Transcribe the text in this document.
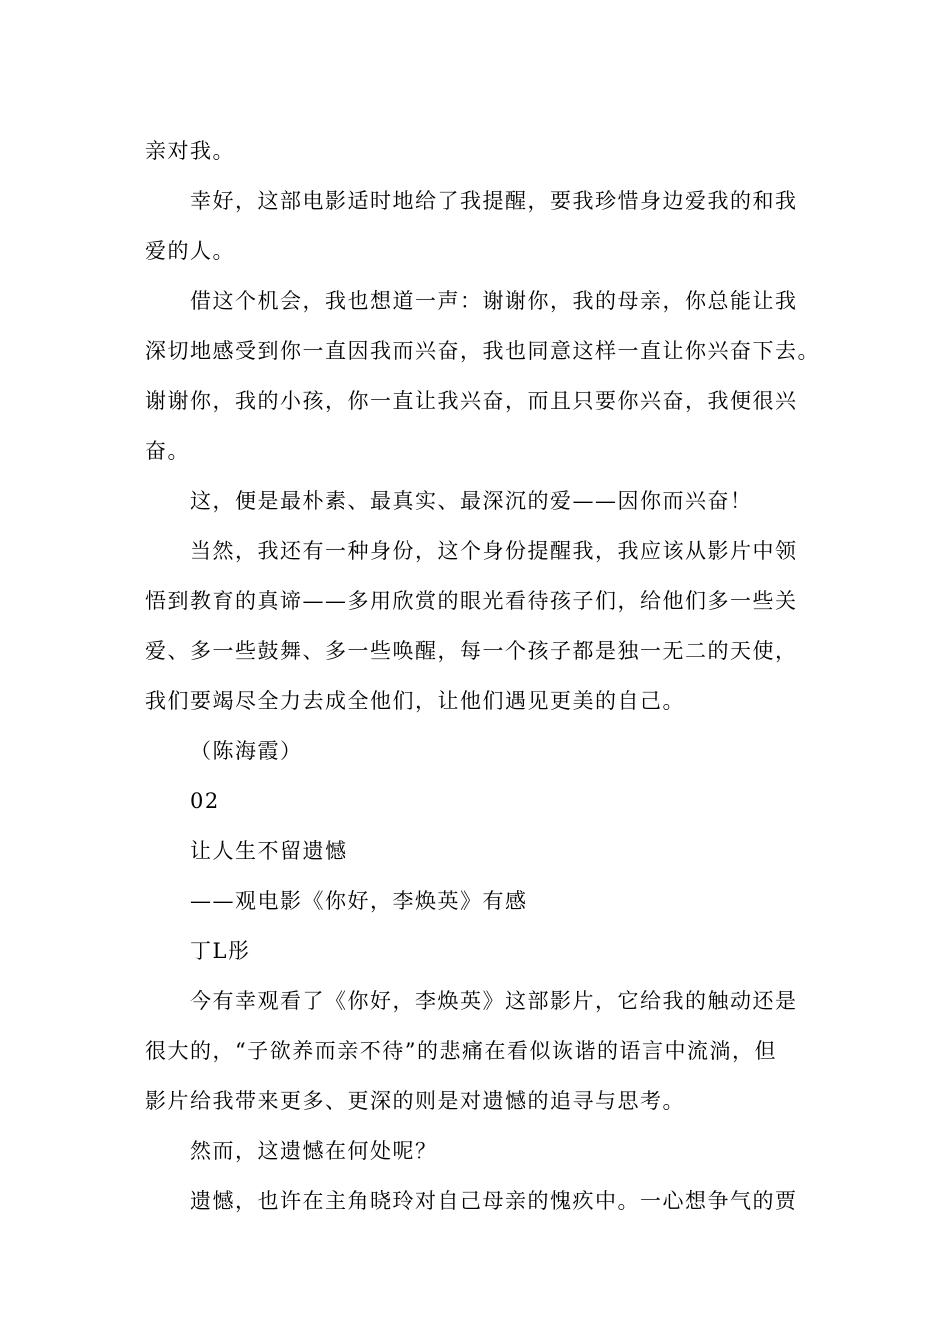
亲对我。
幸好，这部电影适时地给了我提醒，要我珍惜身边爱我的和我
爱的人。
借这个机会，我也想道一声：谢谢你，我的母亲，你总能让我
深切地感受到你一直因我而兴奋，我也同意这样一直让你兴奋下去。
谢谢你，我的小孩，你一直让我兴奋，而且只要你兴奋，我便很兴
奋。
这，便是最朴素、最真实、最深沉的爱——因你而兴奋！
当然，我还有一种身份，这个身份提醒我，我应该从影片中领
悟到教育的真谛——多用欣赏的眼光看待孩子们，给他们多一些关
爱、多一些鼓舞、多一些唤醒，每一个孩子都是独一无二的天使，
我们要竭尽全力去成全他们，让他们遇见更美的自己。
（陈海霞）
02
让人生不留遗憾
——观电影《你好，李焕英》有感
丁L彤
今有幸观看了《你好，李焕英》这部影片，它给我的触动还是
很大的，“子欲养而亲不待”的悲痛在看似诙谐的语言中流淌，但
影片给我带来更多、更深的则是对遗憾的追寻与思考。
然而，这遗憾在何处呢？
遗憾，也许在主角晓玲对自己母亲的愧疚中。一心想争气的贾
